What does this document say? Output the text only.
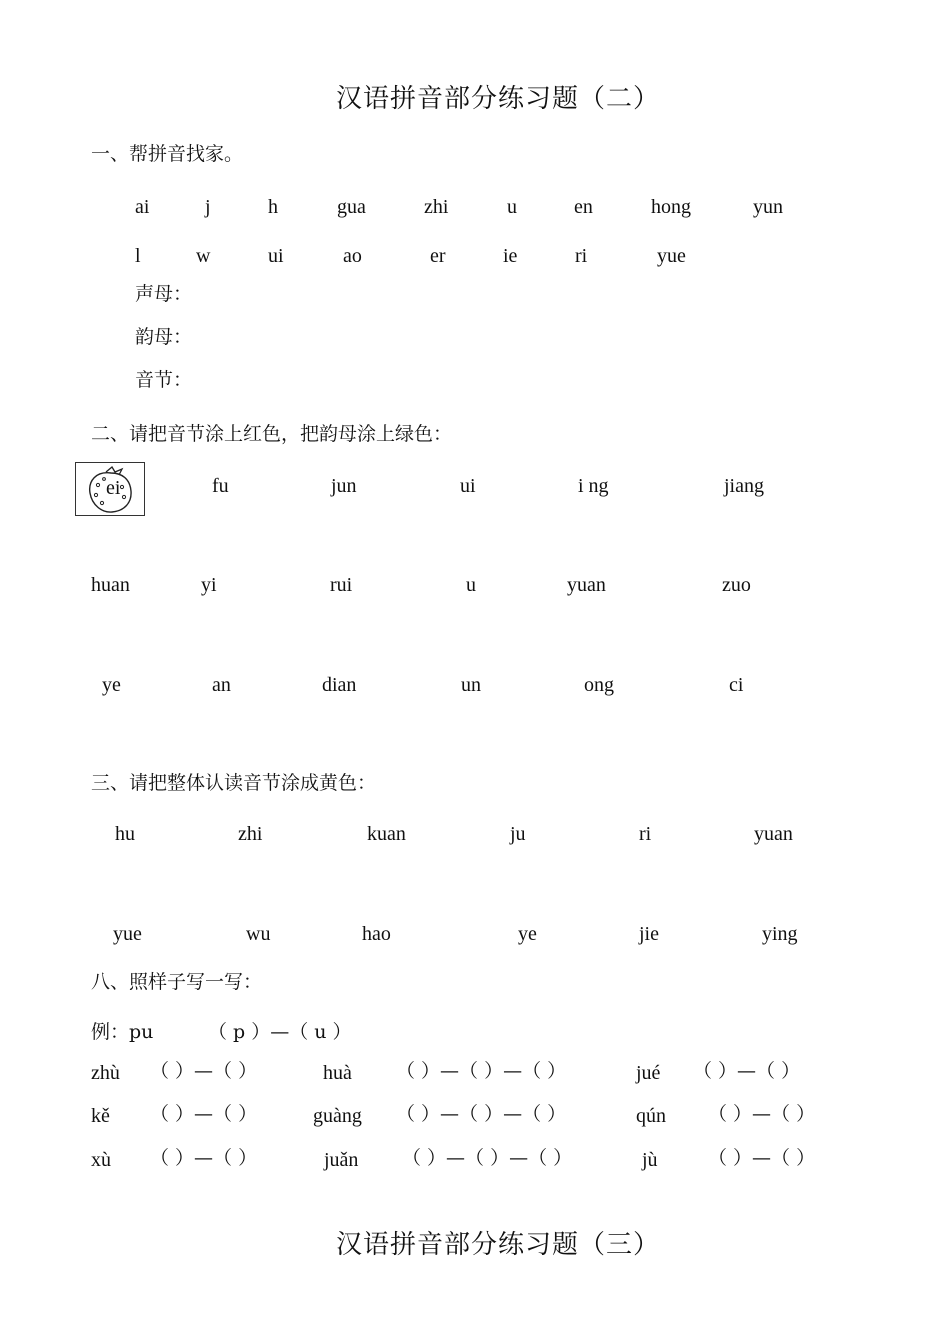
汉语拼音部分练习题（二）
一、帮拼音找家。
ai	j	h	gua	zhi	u	en	hong	yun
l	w	ui	ao	er	ie	ri	yue
声母：
韵母：
音节：
二、请把音节涂上红色，把韵母涂上绿色：
ei	fu	jun	ui	i ng	jiang
huan	yi	rui	u	yuan	zuo
ye	an	dian	un	ong	ci
三、请把整体认读音节涂成黄色：
hu	zhi	kuan	ju	ri	yuan
yue	wu	hao	ye	jie	ying
八、照样子写一写：
例：pu	（ p ）—（ u ）
zhù （ ）—（ ）	huà （ ）—（ ）—（ ）	jué （ ）—（ ）
kě （ ）—（ ）	guàng （ ）—（ ）—（ ）	qún （ ）—（ ）
xù （ ）—（ ）	juǎn （ ）—（ ）—（ ）	jù	（ ）—（ ）
汉语拼音部分练习题（三）
